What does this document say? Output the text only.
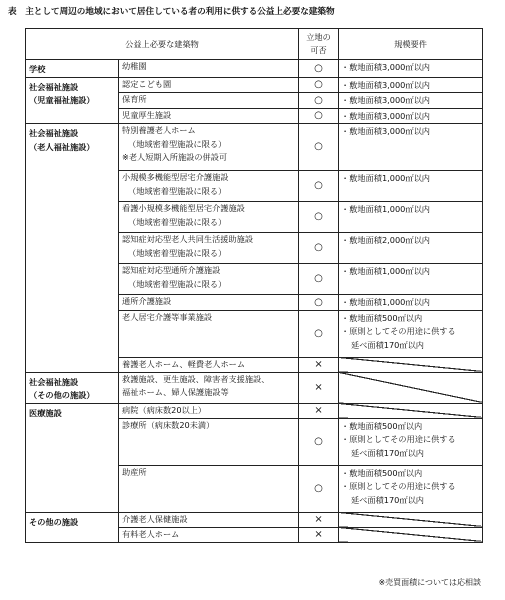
表　主として周辺の地域において居住している者の利用に供する公益上必要な建築物
公益上必要な建築物		立地の
可否	規模要件

学校	幼稚園	○	・敷地面積3,000㎡以内

社会福祉施設
（児童福祉施設）	認定こども園	○	・敷地面積3,000㎡以内

	保育所	○	・敷地面積3,000㎡以内

	児童厚生施設	○	・敷地面積3,000㎡以内

社会福祉施設
（老人福祉施設）	特別養護老人ホーム
（地域密着型施設に限る）
※老人短期入所施設の併設可	○	・敷地面積3,000㎡以内

	小規模多機能型居宅介護施設
（地域密着型施設に限る）	○	・敷地面積1,000㎡以内

	看護小規模多機能型居宅介護施設
（地域密着型施設に限る）	○	・敷地面積1,000㎡以内

	認知症対応型老人共同生活援助施設
（地域密着型施設に限る）	○	・敷地面積2,000㎡以内

	認知症対応型通所介護施設
（地域密着型施設に限る）	○	・敷地面積1,000㎡以内

	通所介護施設	○	・敷地面積1,000㎡以内

	老人居宅介護等事業施設	○	・敷地面積500㎡以内
・原則としてその用途に供する
延べ面積170㎡以内

	養護老人ホーム、軽費老人ホーム	×	

社会福祉施設
（その他の施設）	救護施設、更生施設、障害者支援施設、
福祉ホーム、婦人保護施設等	×	

医療施設	病院（病床数20以上）	×	

	診療所（病床数20未満）	○	・敷地面積500㎡以内
・原則としてその用途に供する
延べ面積170㎡以内

	助産所	○	・敷地面積500㎡以内
・原則としてその用途に供する
延べ面積170㎡以内

その他の施設	介護老人保健施設	×	

	有料老人ホーム	×	
※売買面積については応相談
